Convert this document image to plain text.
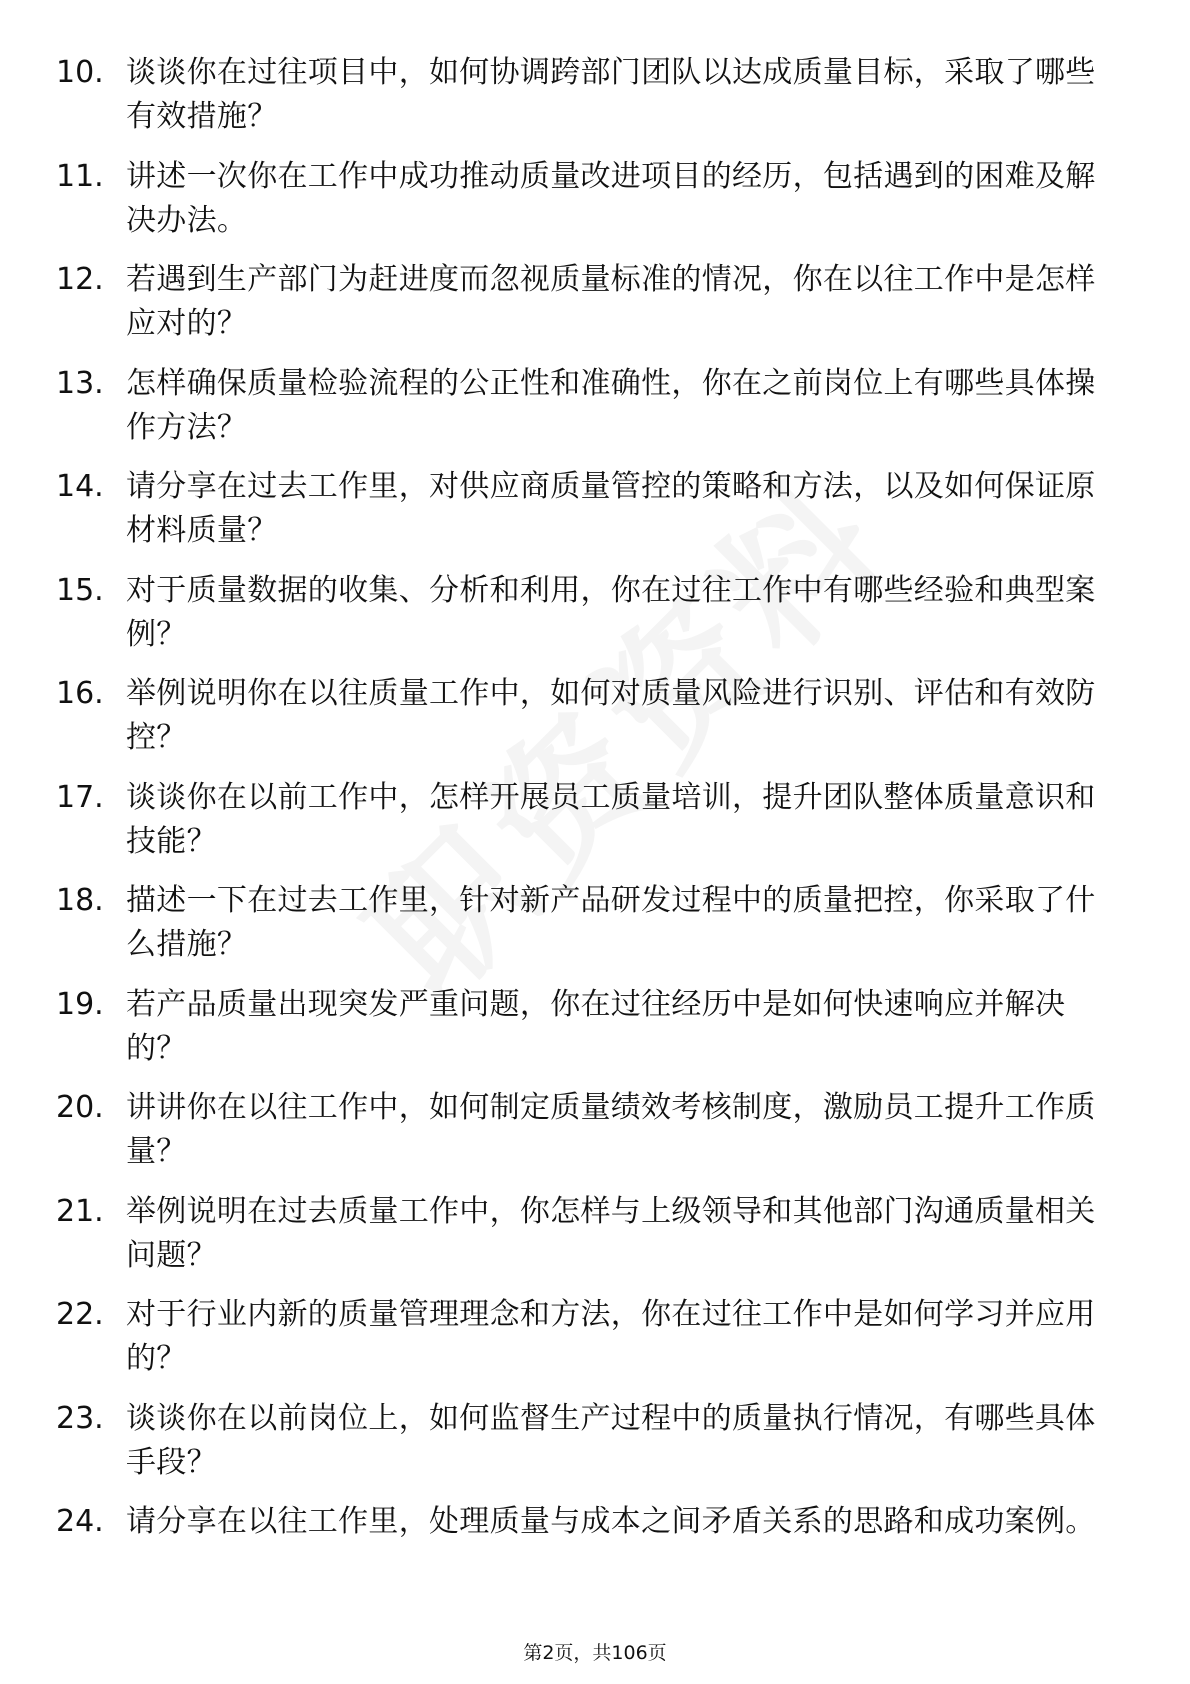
10. 谈谈你在过往项目中，如何协调跨部门团队以达成质量目标，采取了哪些有效措施？
11. 讲述一次你在工作中成功推动质量改进项目的经历，包括遇到的困难及解决办法。
12. 若遇到生产部门为赶进度而忽视质量标准的情况，你在以往工作中是怎样应对的？
13. 怎样确保质量检验流程的公正性和准确性，你在之前岗位上有哪些具体操作方法？
14. 请分享在过去工作里，对供应商质量管控的策略和方法，以及如何保证原材料质量？
15. 对于质量数据的收集、分析和利用，你在过往工作中有哪些经验和典型案例？
16. 举例说明你在以往质量工作中，如何对质量风险进行识别、评估和有效防控？
17. 谈谈你在以前工作中，怎样开展员工质量培训，提升团队整体质量意识和技能？
18. 描述一下在过去工作里，针对新产品研发过程中的质量把控，你采取了什么措施？
19. 若产品质量出现突发严重问题，你在过往经历中是如何快速响应并解决的？
20. 讲讲你在以往工作中，如何制定质量绩效考核制度，激励员工提升工作质量？
21. 举例说明在过去质量工作中，你怎样与上级领导和其他部门沟通质量相关问题？
22. 对于行业内新的质量管理理念和方法，你在过往工作中是如何学习并应用的？
23. 谈谈你在以前岗位上，如何监督生产过程中的质量执行情况，有哪些具体手段？
24. 请分享在以往工作里，处理质量与成本之间矛盾关系的思路和成功案例。
第2页，共106页
